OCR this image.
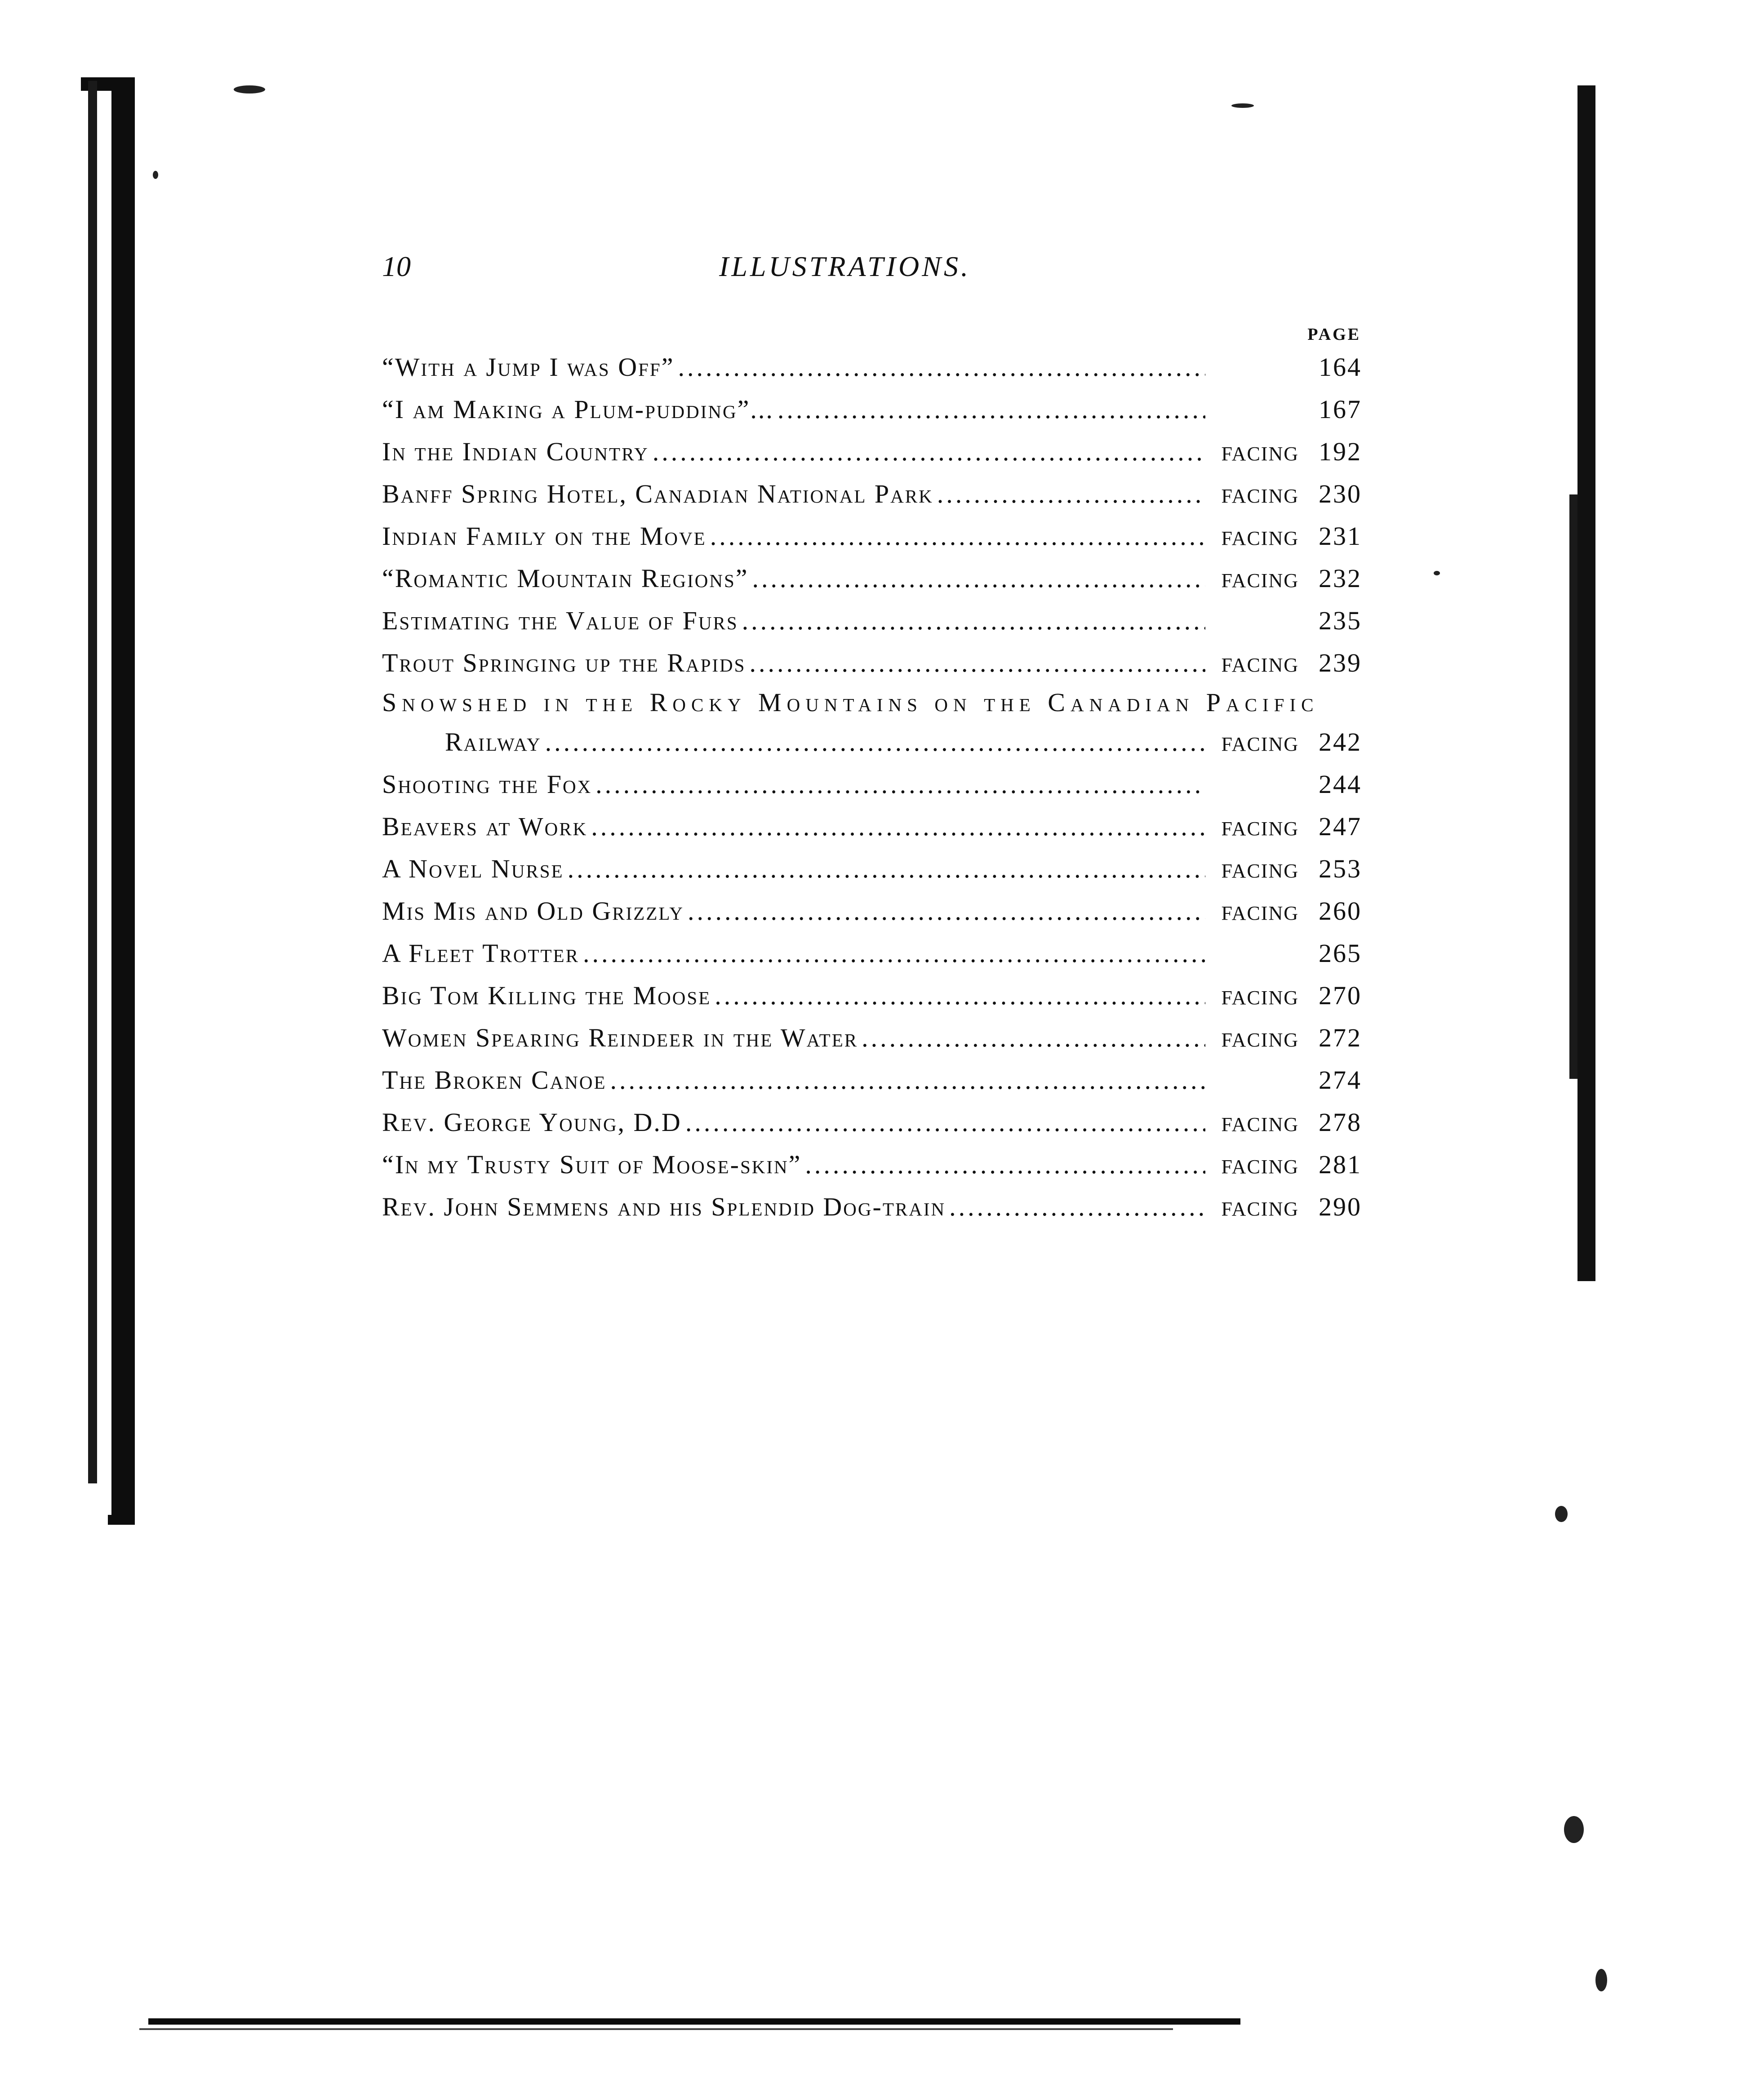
10	ILLUSTRATIONS.
PAGE
“With a Jump I was Off” .....	164
“I am Making a Plum-pudding”... .....	167
In the Indian Country .....	FACING 192
Banff Spring Hotel, Canadian National Park .....	FACING 230
Indian Family on the Move .....	FACING 231
“Romantic Mountain Regions” .....	FACING 232
Estimating the Value of Furs .....	235
Trout Springing up the Rapids .....	FACING 239
Snowshed in the Rocky Mountains on the Canadian Pacific
Railway .....	FACING 242
Shooting the Fox .....	244
Beavers at Work .....	FACING 247
A Novel Nurse .....	FACING 253
Mis Mis and Old Grizzly .....	FACING 260
A Fleet Trotter .....	265
Big Tom Killing the Moose .....	FACING 270
Women Spearing Reindeer in the Water .....	FACING 272
The Broken Canoe .....	274
Rev. George Young, D.D .....	FACING 278
“In my Trusty Suit of Moose-skin” .....	FACING 281
Rev. John Semmens and his Splendid Dog-train .....	FACING 290
